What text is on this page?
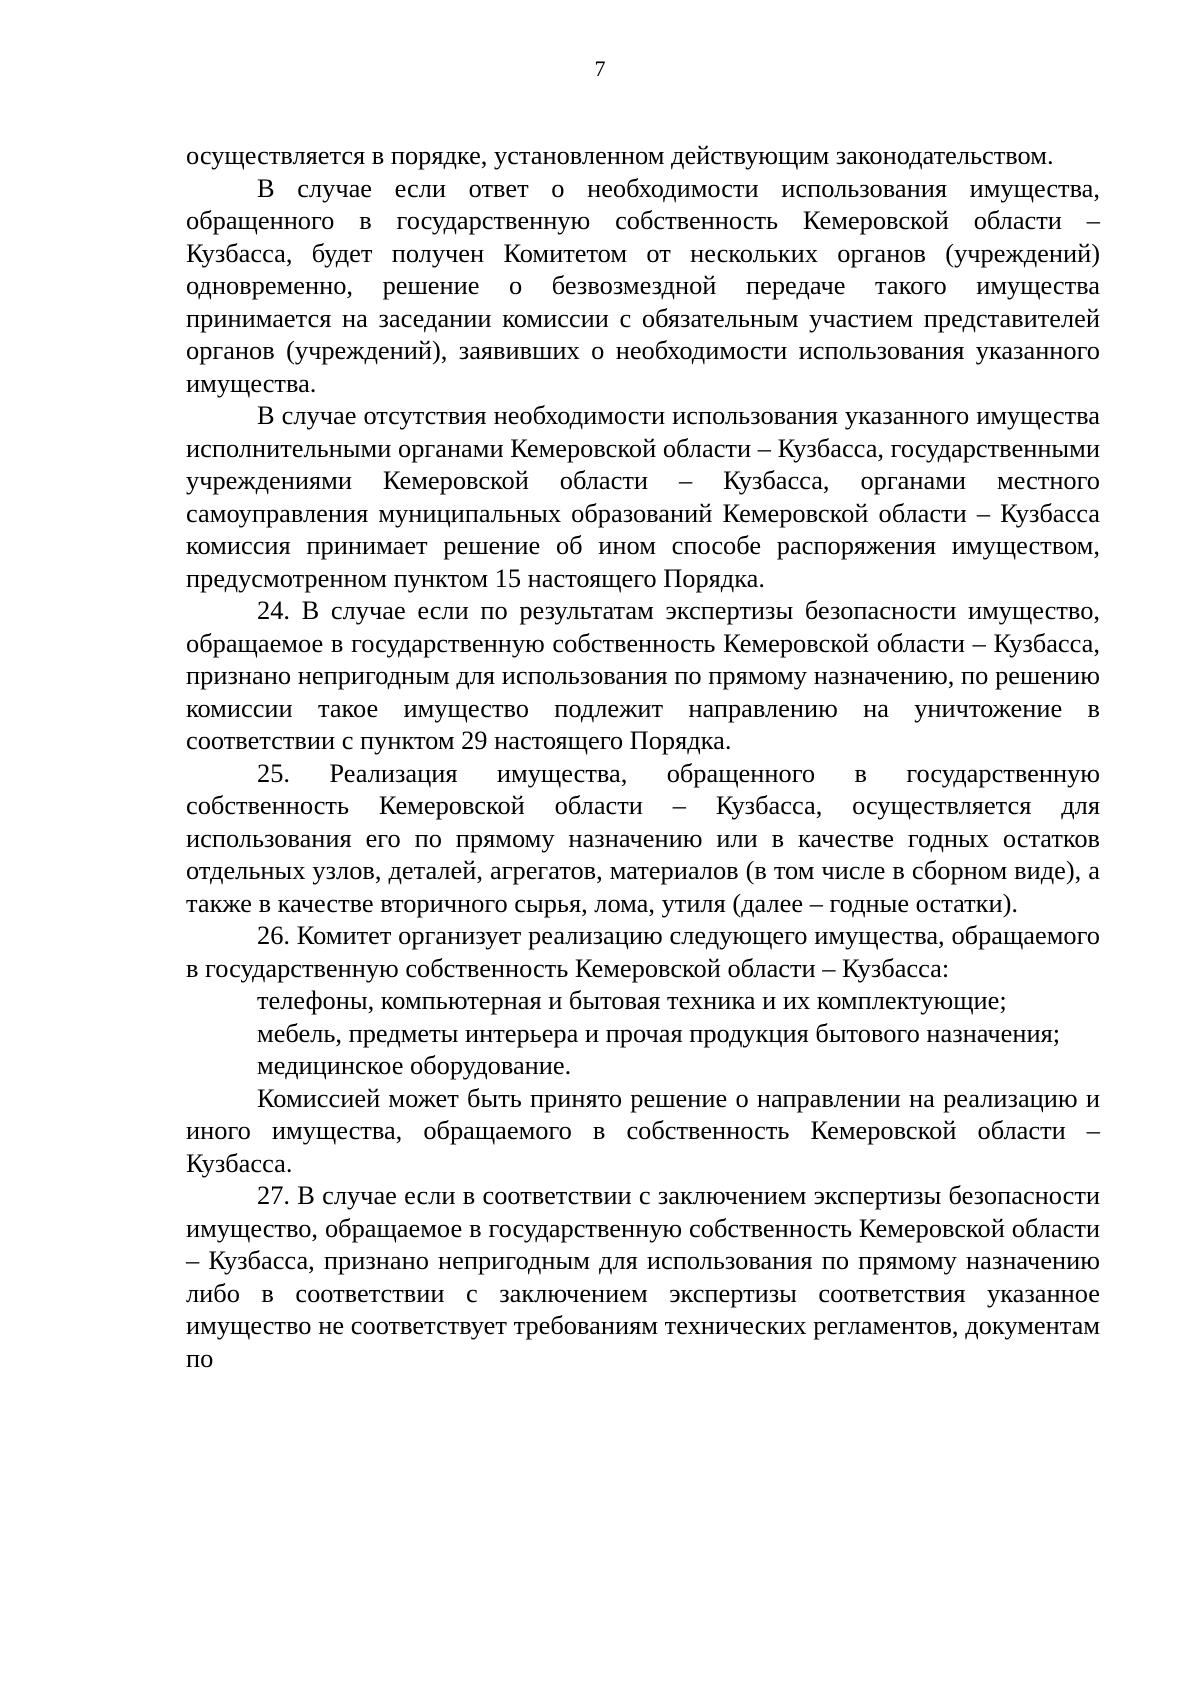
7

осуществляется в порядке, установленном действующим законодательством.

В случае если ответ о необходимости использования имущества, обращенного в государственную собственность Кемеровской области – Кузбасса, будет получен Комитетом от нескольких органов (учреждений) одновременно, решение о безвозмездной передаче такого имущества принимается на заседании комиссии с обязательным участием представителей органов (учреждений), заявивших о необходимости использования указанного имущества.

В случае отсутствия необходимости использования указанного имущества исполнительными органами Кемеровской области – Кузбасса, государственными учреждениями Кемеровской области – Кузбасса, органами местного самоуправления муниципальных образований Кемеровской области – Кузбасса комиссия принимает решение об ином способе распоряжения имуществом, предусмотренном пунктом 15 настоящего Порядка.

24. В случае если по результатам экспертизы безопасности имущество, обращаемое в государственную собственность Кемеровской области – Кузбасса, признано непригодным для использования по прямому назначению, по решению комиссии такое имущество подлежит направлению на уничтожение в соответствии с пунктом 29 настоящего Порядка.

25. Реализация имущества, обращенного в государственную собственность Кемеровской области – Кузбасса, осуществляется для использования его по прямому назначению или в качестве годных остатков отдельных узлов, деталей, агрегатов, материалов (в том числе в сборном виде), а также в качестве вторичного сырья, лома, утиля (далее – годные остатки).

26. Комитет организует реализацию следующего имущества, обращаемого в государственную собственность Кемеровской области – Кузбасса:

телефоны, компьютерная и бытовая техника и их комплектующие;

мебель, предметы интерьера и прочая продукция бытового назначения;

медицинское оборудование.

Комиссией может быть принято решение о направлении на реализацию и иного имущества, обращаемого в собственность Кемеровской области – Кузбасса.

27. В случае если в соответствии с заключением экспертизы безопасности имущество, обращаемое в государственную собственность Кемеровской области – Кузбасса, признано непригодным для использования по прямому назначению либо в соответствии с заключением экспертизы соответствия указанное имущество не соответствует требованиям технических регламентов, документам по
